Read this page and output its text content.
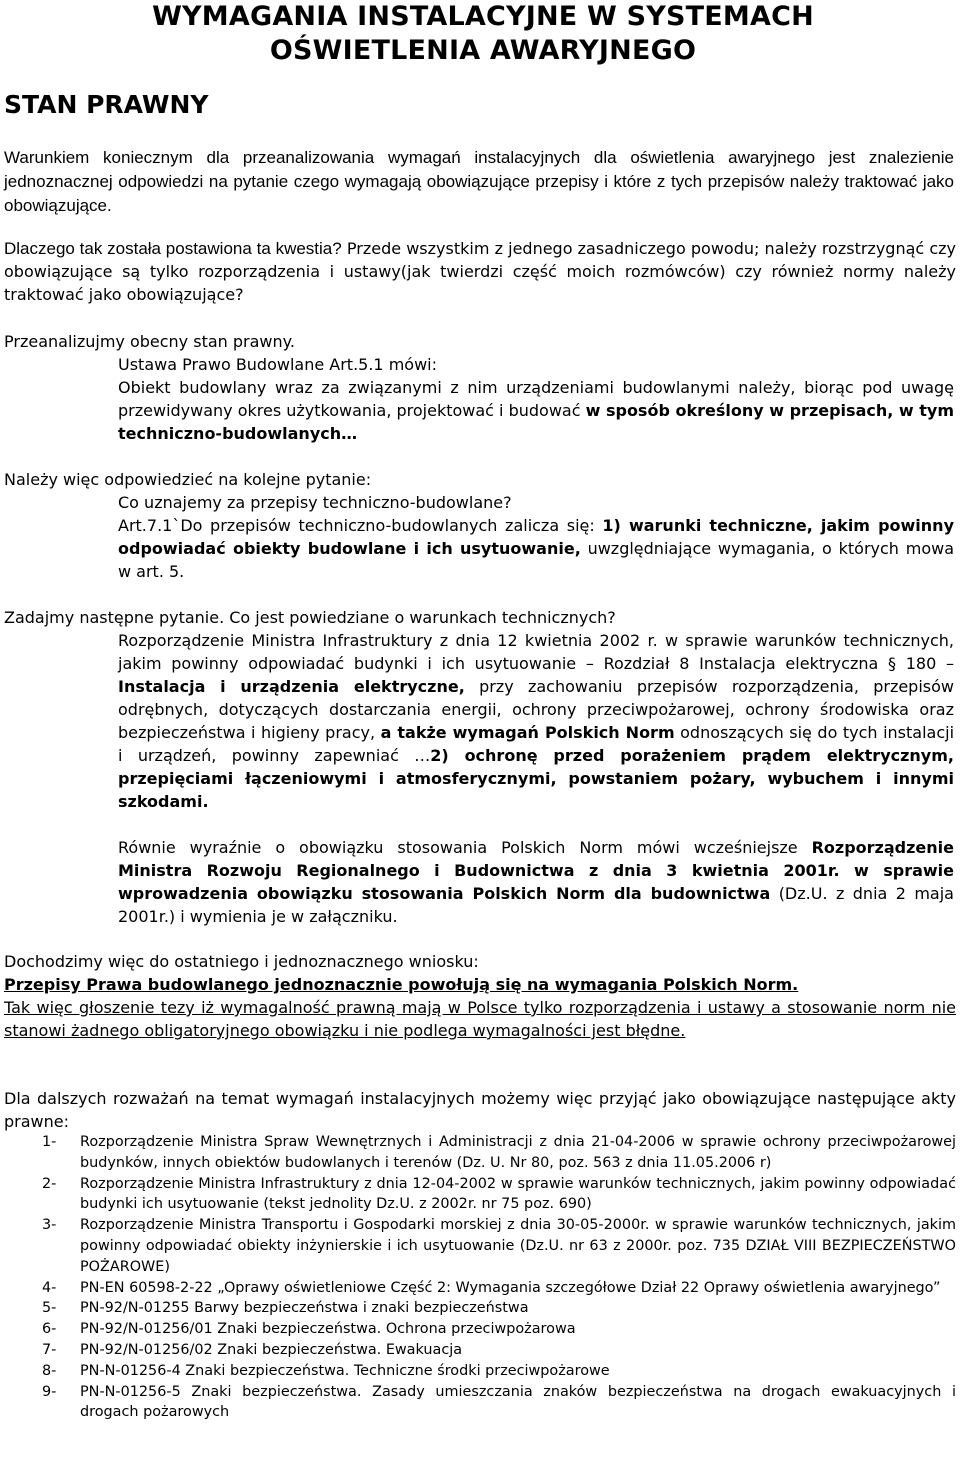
WYMAGANIA INSTALACYJNE W SYSTEMACH
OŚWIETLENIA AWARYJNEGO
STAN PRAWNY
Warunkiem koniecznym dla przeanalizowania wymagań instalacyjnych dla oświetlenia awaryjnego jest znalezienie jednoznacznej odpowiedzi na pytanie czego wymagają obowiązujące przepisy i które z tych przepisów należy traktować jako obowiązujące.
Dlaczego tak została postawiona ta kwestia? Przede wszystkim z jednego zasadniczego powodu; należy rozstrzygnąć czy obowiązujące są tylko rozporządzenia i ustawy(jak twierdzi część moich rozmówców) czy również normy należy traktować jako obowiązujące?
Przeanalizujmy obecny stan prawny.
Ustawa Prawo Budowlane Art.5.1 mówi:
Obiekt budowlany wraz za związanymi z nim urządzeniami budowlanymi należy, biorąc pod uwagę przewidywany okres użytkowania, projektować i budować w sposób określony w przepisach, w tym techniczno-budowlanych…
Należy więc odpowiedzieć na kolejne pytanie:
Co uznajemy za przepisy techniczno-budowlane?
Art.7.1`Do przepisów techniczno-budowlanych zalicza się: 1) warunki techniczne, jakim powinny odpowiadać obiekty budowlane i ich usytuowanie, uwzględniające wymagania, o których mowa w art. 5.
Zadajmy następne pytanie. Co jest powiedziane o warunkach technicznych?
Rozporządzenie Ministra Infrastruktury z dnia 12 kwietnia 2002 r. w sprawie warunków technicznych, jakim powinny odpowiadać budynki i ich usytuowanie – Rozdział 8 Instalacja elektryczna § 180 – Instalacja i urządzenia elektryczne, przy zachowaniu przepisów rozporządzenia, przepisów odrębnych, dotyczących dostarczania energii, ochrony przeciwpożarowej, ochrony środowiska oraz bezpieczeństwa i higieny pracy, a także wymagań Polskich Norm odnoszących się do tych instalacji i urządzeń, powinny zapewniać …2) ochronę przed porażeniem prądem elektrycznym, przepięciami łączeniowymi i atmosferycznymi, powstaniem pożary, wybuchem i innymi szkodami.
Równie wyraźnie o obowiązku stosowania Polskich Norm mówi wcześniejsze Rozporządzenie Ministra Rozwoju Regionalnego i Budownictwa z dnia 3 kwietnia 2001r. w sprawie wprowadzenia obowiązku stosowania Polskich Norm dla budownictwa (Dz.U. z dnia 2 maja 2001r.) i wymienia je w załączniku.
Dochodzimy więc do ostatniego i jednoznacznego wniosku:
Przepisy Prawa budowlanego jednoznacznie powołują się na wymagania Polskich Norm.
Tak więc głoszenie tezy iż wymagalność prawną mają w Polsce tylko rozporządzenia i ustawy a stosowanie norm nie stanowi żadnego obligatoryjnego obowiązku i nie podlega wymagalności jest błędne.
Dla dalszych rozważań na temat wymagań instalacyjnych możemy więc przyjąć jako obowiązujące następujące akty prawne:
1-	Rozporządzenie Ministra Spraw Wewnętrznych i Administracji z dnia 21-04-2006 w sprawie ochrony przeciwpożarowej budynków, innych obiektów budowlanych i terenów (Dz. U. Nr 80, poz. 563 z dnia 11.05.2006 r)
2-	Rozporządzenie Ministra Infrastruktury z dnia 12-04-2002 w sprawie warunków technicznych, jakim powinny odpowiadać budynki ich usytuowanie (tekst jednolity Dz.U. z 2002r. nr 75 poz. 690)
3-	Rozporządzenie Ministra Transportu i Gospodarki morskiej z dnia 30-05-2000r. w sprawie warunków technicznych, jakim powinny odpowiadać obiekty inżynierskie i ich usytuowanie (Dz.U. nr 63 z 2000r. poz. 735 DZIAŁ VIII BEZPIECZEŃSTWO POŻAROWE)
4-	PN-EN 60598-2-22 „Oprawy oświetleniowe Część 2: Wymagania szczegółowe Dział 22 Oprawy oświetlenia awaryjnego”
5-	PN-92/N-01255 Barwy bezpieczeństwa i znaki bezpieczeństwa
6-	PN-92/N-01256/01 Znaki bezpieczeństwa. Ochrona przeciwpożarowa
7-	PN-92/N-01256/02 Znaki bezpieczeństwa. Ewakuacja
8-	PN-N-01256-4 Znaki bezpieczeństwa. Techniczne środki przeciwpożarowe
9-	PN-N-01256-5 Znaki bezpieczeństwa. Zasady umieszczania znaków bezpieczeństwa na drogach ewakuacyjnych i drogach pożarowych
